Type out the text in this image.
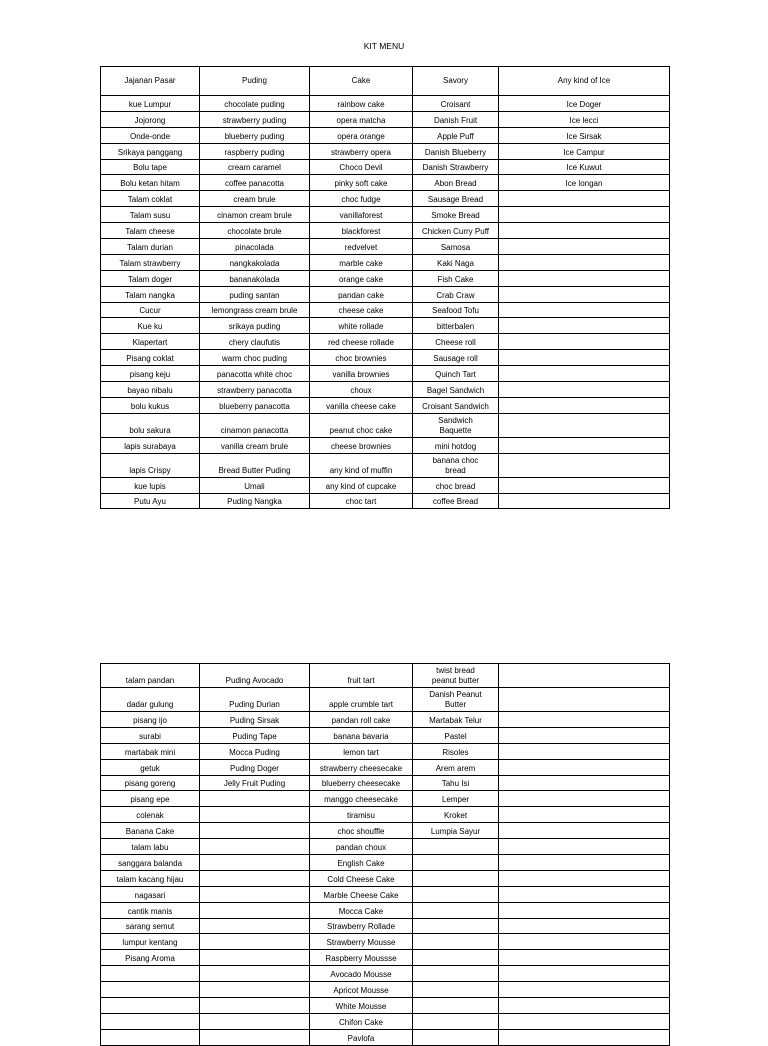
KIT MENU
Jajanan Pasar	Puding	Cake	Savory	Any kind of Ice
kue Lumpur	chocolate puding	rainbow cake	Croisant	Ice Doger
Jojorong	strawberry puding	opera matcha	Danish Fruit	Ice lecci
Onde-onde	blueberry puding	opera orange	Apple Puff	Ice Sirsak
Srikaya panggang	raspberry puding	strawberry opera	Danish Blueberry	Ice Campur
Bolu tape	cream caramel	Choco Devil	Danish Strawberry	Ice Kuwut
Bolu ketan hitam	coffee panacotta	pinky soft cake	Abon Bread	Ice longan
Talam coklat	cream brule	choc fudge	Sausage Bread	
Talam susu	cinamon cream brule	vanillaforest	Smoke Bread	
Talam cheese	chocolate brule	blackforest	Chicken Curry Puff	
Talam durian	pinacolada	redvelvet	Samosa	
Talam strawberry	nangkakolada	marble cake	Kaki Naga	
Talam doger	bananakolada	orange cake	Fish Cake	
Talam nangka	puding santan	pandan cake	Crab Craw	
Cucur	lemongrass cream brule	cheese cake	Seafood Tofu	
Kue ku	srikaya puding	white rollade	bitterbalen	
Klapertart	chery claufutis	red cheese rollade	Cheese roll	
Pisang coklat	warm choc puding	choc brownies	Sausage roll	
pisang keju	panacotta white choc	vanilla brownies	Quinch Tart	
bayao nibalu	strawberry panacotta	choux	Bagel Sandwich	
bolu kukus	blueberry panacotta	vanilla cheese cake	Croisant Sandwich	
bolu sakura	cinamon panacotta	peanut choc cake	Sandwich
Baquette	
lapis surabaya	vanilla cream brule	cheese brownies	mini hotdog	
lapis Crispy	Bread Butter Puding	any kind of muffin	banana choc
bread	
kue lupis	Umali	any kind of cupcake	choc bread	
Putu Ayu	Puding Nangka	choc tart	coffee Bread	
talam pandan	Puding Avocado	fruit tart	twist bread
peanut butter	
dadar gulung	Puding Durian	apple crumble tart	Danish Peanut
Butter	
pisang ijo	Puding Sirsak	pandan roll cake	Martabak Telur	
surabi	Puding Tape	banana bavaria	Pastel	
martabak mini	Mocca Puding	lemon tart	Risoles	
getuk	Puding Doger	strawberry cheesecake	Arem arem	
pisang goreng	Jelly Fruit Puding	blueberry cheesecake	Tahu Isi	
pisang epe		manggo cheesecake	Lemper	
colenak		tiramisu	Kroket	
Banana Cake		choc shouffle	Lumpia Sayur	
talam labu		pandan choux		
sanggara balanda		English Cake		
talam kacang hijau		Cold Cheese Cake		
nagasari		Marble Cheese Cake		
cantik manis		Mocca Cake		
sarang semut		Strawberry Rollade		
lumpur kentang		Strawberry Mousse		
Pisang Aroma		Raspberry Moussse		
		Avocado Mousse		
		Apricot Mousse		
		White Mousse		
		Chifon Cake		
		Pavlofa		
